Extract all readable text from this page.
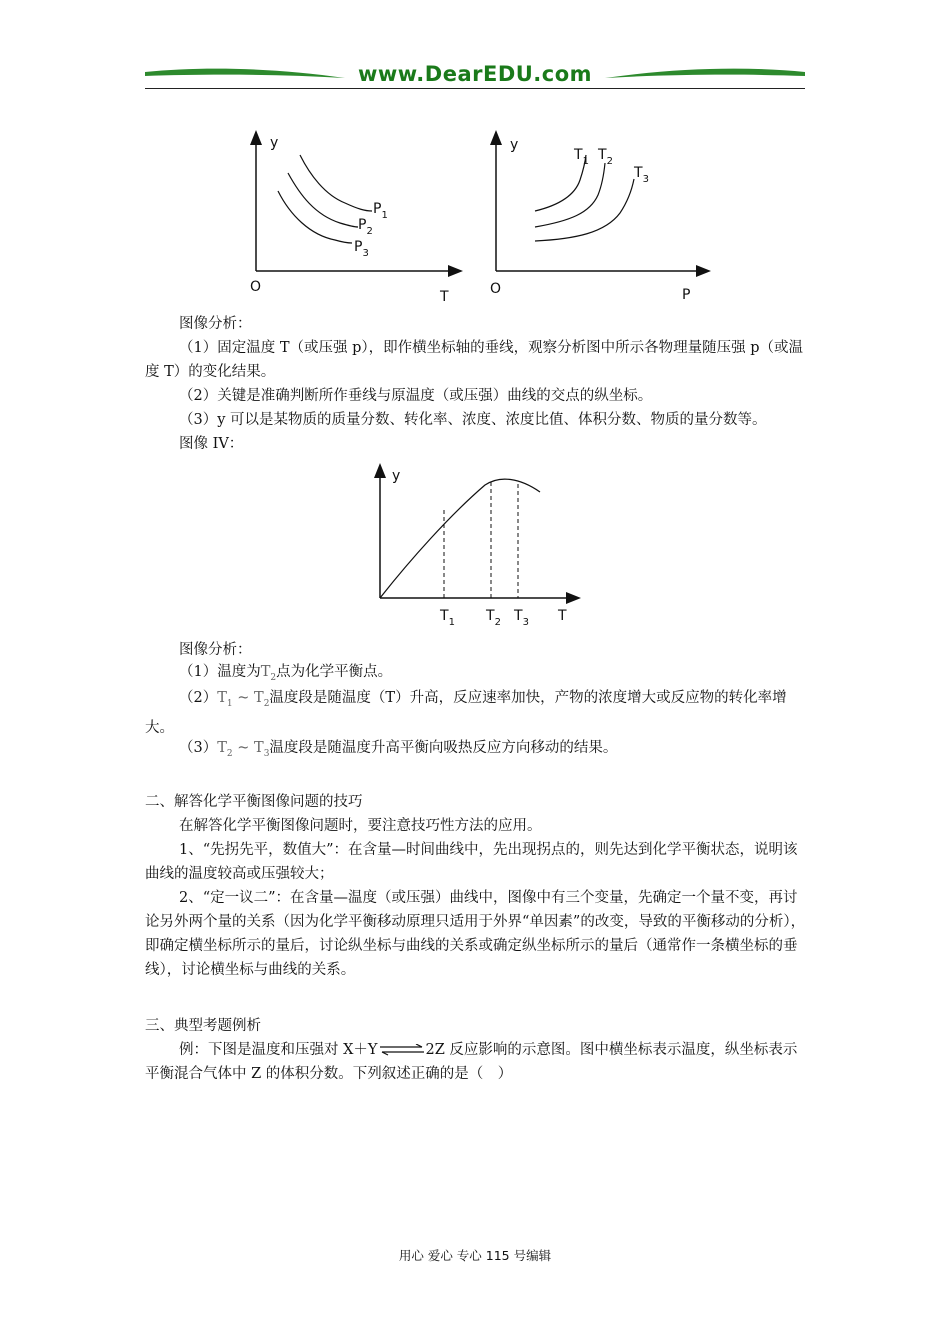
www.DearEDU.com
y
O
T
$P_1$
$P_2$
$P_3$
y
O	P
$T_1$ $T_2$
$T_3$

图像分析：

（1）固定温度 T（或压强 p），即作横坐标轴的垂线，观察分析图中所示各物理量随压强 p（或温度 T）的变化结果。

（2）关键是准确判断所作垂线与原温度（或压强）曲线的交点的纵坐标。

（3）y 可以是某物质的质量分数、转化率、浓度、浓度比值、体积分数、物质的量分数等。

图像 IV：

y
$T_1$ $T_2$ $T_3$ T

图像分析：

（1）温度为$T_2$点为化学平衡点。

$(2)T_1$ ~ $T_2$温度段是随温度（T）升高，反应速率加快，产物的浓度增大或反应物的转化率增大。

$(3)T_2$ ~ $T_3$温度段是随温度升高平衡向吸热反应方向移动的结果。

二、解答化学平衡图像问题的技巧

在解答化学平衡图像问题时，要注意技巧性方法的应用。

1、“先拐先平，数值大”：在含量—时间曲线中，先出现拐点的，则先达到化学平衡状态，说明该曲线的温度较高或压强较大；

2、“定一议二”：在含量—温度（或压强）曲线中，图像中有三个变量，先确定一个量不变，再讨论另外两个量的关系（因为化学平衡移动原理只适用于外界“单因素”的改变，导致的平衡移动的分析），即确定横坐标所示的量后，讨论纵坐标与曲线的关系或确定纵坐标所示的量后（通常作一条横坐标的垂线），讨论横坐标与曲线的关系。

三、典型考题例析

例：下图是温度和压强对 X＋Y ⇌ 2Z 反应影响的示意图。图中横坐标表示温度，纵坐标表示平衡混合气体中 Z 的体积分数。下列叙述正确的是（　）

用心 爱心 专心 115 号编辑
